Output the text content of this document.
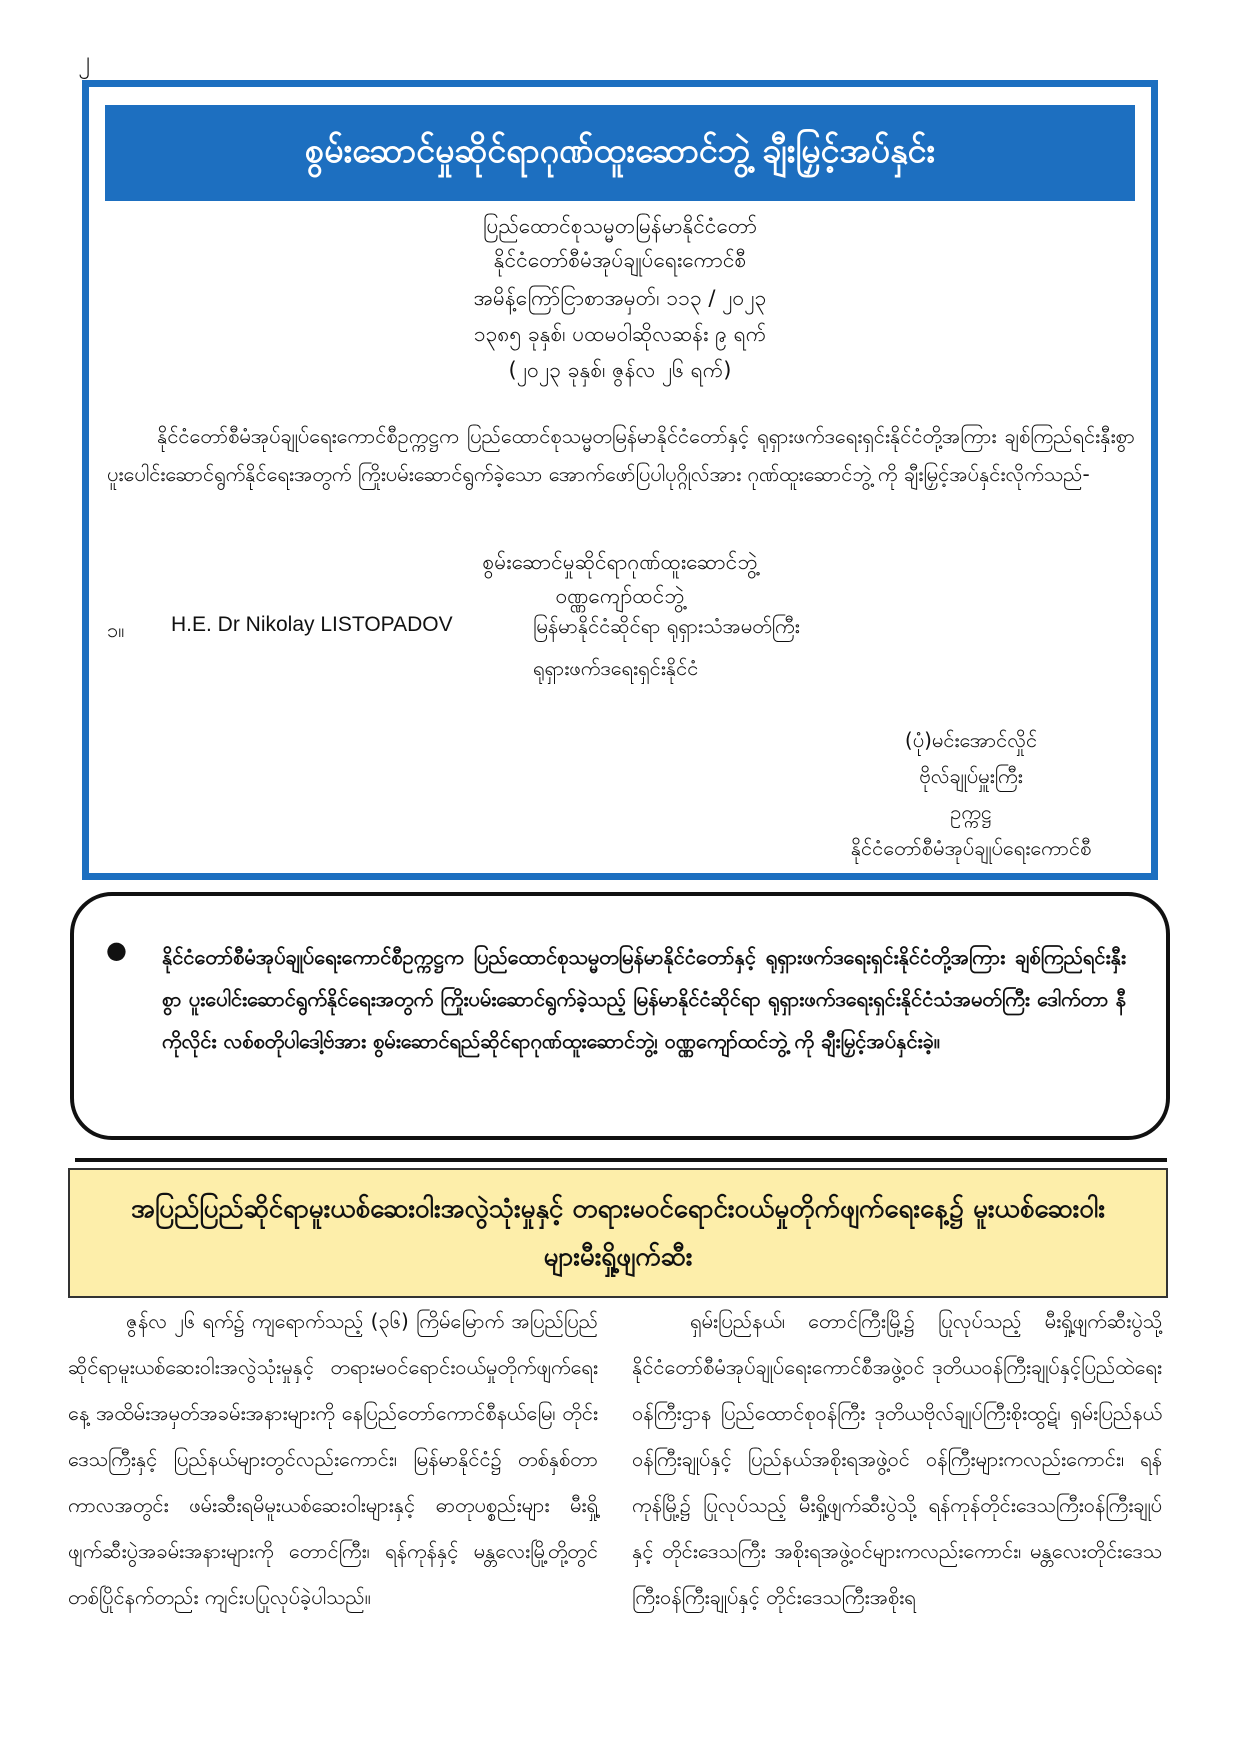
၂
စွမ်းဆောင်မှုဆိုင်ရာဂုဏ်ထူးဆောင်ဘွဲ့ ချီးမြှင့်အပ်နှင်း
ပြည်ထောင်စုသမ္မတမြန်မာနိုင်ငံတော်
နိုင်ငံတော်စီမံအုပ်ချုပ်ရေးကောင်စီ
အမိန့်ကြော်ငြာစာအမှတ်၊ ၁၁၃ / ၂၀၂၃
၁၃၈၅ ခုနှစ်၊ ပထမဝါဆိုလဆန်း ၉ ရက်
(၂၀၂၃ ခုနှစ်၊ ဇွန်လ ၂၆ ရက်)

နိုင်ငံတော်စီမံအုပ်ချုပ်ရေးကောင်စီဥက္ကဋ္ဌက ပြည်ထောင်စုသမ္မတမြန်မာနိုင်ငံတော်နှင့် ရုရှားဖက်ဒရေးရှင်းနိုင်ငံတို့အကြား ချစ်ကြည်ရင်းနှီးစွာ ပူးပေါင်းဆောင်ရွက်နိုင်ရေးအတွက် ကြိုးပမ်းဆောင်ရွက်ခဲ့သော အောက်ဖော်ပြပါပုဂ္ဂိုလ်အား ဂုဏ်ထူးဆောင်ဘွဲ့ ကို ချီးမြှင့်အပ်နှင်းလိုက်သည်-

စွမ်းဆောင်မှုဆိုင်ရာဂုဏ်ထူးဆောင်ဘွဲ့
ဝဏ္ဏကျော်ထင်ဘွဲ့
၁။ H.E. Dr Nikolay LISTOPADOV	မြန်မာနိုင်ငံဆိုင်ရာ ရုရှားသံအမတ်ကြီး
ရုရှားဖက်ဒရေးရှင်းနိုင်ငံ
(ပုံ)မင်းအောင်လှိုင်
ဗိုလ်ချုပ်မှူးကြီး
ဥက္ကဋ္ဌ
နိုင်ငံတော်စီမံအုပ်ချုပ်ရေးကောင်စီ
● နိုင်ငံတော်စီမံအုပ်ချုပ်ရေးကောင်စီဥက္ကဋ္ဌက ပြည်ထောင်စုသမ္မတမြန်မာနိုင်ငံတော်နှင့် ရုရှားဖက်ဒရေးရှင်းနိုင်ငံတို့အကြား ချစ်ကြည်ရင်းနှီးစွာ ပူးပေါင်းဆောင်ရွက်နိုင်ရေးအတွက် ကြိုးပမ်းဆောင်ရွက်ခဲ့သည့် မြန်မာနိုင်ငံဆိုင်ရာ ရုရှားဖက်ဒရေးရှင်းနိုင်ငံသံအမတ်ကြီး ဒေါက်တာ နီကိုလိုင်း လစ်စတိုပါဒေါ့ဗ်အား စွမ်းဆောင်ရည်ဆိုင်ရာဂုဏ်ထူးဆောင်ဘွဲ့၊ ဝဏ္ဏကျော်ထင်ဘွဲ့ ကို ချီးမြှင့်အပ်နှင်းခဲ့။
အပြည်ပြည်ဆိုင်ရာမူးယစ်ဆေးဝါးအလွဲသုံးမှုနှင့် တရားမဝင်ရောင်းဝယ်မှုတိုက်ဖျက်ရေးနေ့၌ မူးယစ်ဆေးဝါးများမီးရှို့ဖျက်ဆီး

ဇွန်လ ၂၆ ရက်၌ ကျရောက်သည့် (၃၆) ကြိမ်မြောက် အပြည်ပြည်ဆိုင်ရာမူးယစ်ဆေးဝါးအလွဲသုံးမှုနှင့် တရားမဝင်ရောင်းဝယ်မှုတိုက်ဖျက်ရေးနေ့ အထိမ်းအမှတ်အခမ်းအနားများကို နေပြည်တော်ကောင်စီနယ်မြေ၊ တိုင်းဒေသကြီးနှင့် ပြည်နယ်များတွင်လည်းကောင်း၊ မြန်မာနိုင်ငံ၌ တစ်နှစ်တာကာလအတွင်း ဖမ်းဆီးရမိမူးယစ်ဆေးဝါးများနှင့် ဓာတုပစ္စည်းများ မီးရှို့ဖျက်ဆီးပွဲအခမ်းအနားများကို တောင်ကြီး၊ ရန်ကုန်နှင့် မန္တလေးမြို့တို့တွင် တစ်ပြိုင်နက်တည်း ကျင်းပပြုလုပ်ခဲ့ပါသည်။

ရှမ်းပြည်နယ်၊ တောင်ကြီးမြို့၌ ပြုလုပ်သည့် မီးရှို့ဖျက်ဆီးပွဲသို့ နိုင်ငံတော်စီမံအုပ်ချုပ်ရေးကောင်စီအဖွဲ့ဝင် ဒုတိယဝန်ကြီးချုပ်နှင့်ပြည်ထဲရေးဝန်ကြီးဌာန ပြည်ထောင်စုဝန်ကြီး ဒုတိယဗိုလ်ချုပ်ကြီးစိုးထွဋ်၊ ရှမ်းပြည်နယ်ဝန်ကြီးချုပ်နှင့် ပြည်နယ်အစိုးရအဖွဲ့ဝင် ဝန်ကြီးများကလည်းကောင်း၊ ရန်ကုန်မြို့၌ ပြုလုပ်သည့် မီးရှို့ဖျက်ဆီးပွဲသို့ ရန်ကုန်တိုင်းဒေသကြီးဝန်ကြီးချုပ်နှင့် တိုင်းဒေသကြီး အစိုးရအဖွဲ့ဝင်များကလည်းကောင်း၊ မန္တလေးတိုင်းဒေသကြီးဝန်ကြီးချုပ်နှင့် တိုင်းဒေသကြီးအစိုးရ
